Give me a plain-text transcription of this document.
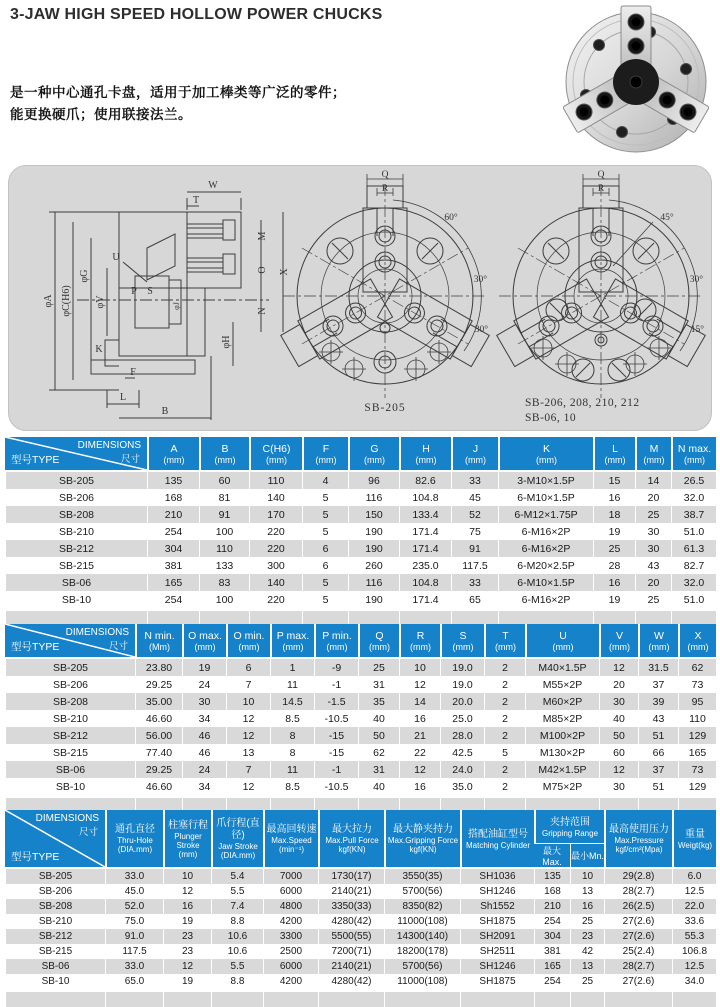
3-JAW HIGH SPEED HOLLOW POWER CHUCKS

是一种中心通孔卡盘，适用于加工棒类等广泛的零件；
能更换硬爪；使用联接法兰。

φA φC(H6)
φG
φV
U
P S
φJ
φH
K
F
L
B
W
T
M
O
N
X
Q
R
60°
30°
30°
Q
R
45°
30°
15°
SB-205	SB-206, 208, 210, 212
SB-06, 10
DIMENSIONS
尺寸
型号TYPE

A
(mm)

B
(mm)

C(H6)
(mm)

F
(mm)

G
(mm)

H
(mm)

J
(mm)

K
(mm)

L
(mm)

M
(mm)

N max.
(mm)

SB-205	135	60	110	4	96	82.6	33	3-M10×1.5P	15	14	26.5
SB-206	168	81	140	5	116	104.8	45	6-M10×1.5P	16	20	32.0
SB-208	210	91	170	5	150	133.4	52	6-M12×1.75P	18	25	38.7
SB-210	254	100	220	5	190	171.4	75	6-M16×2P	19	30	51.0
SB-212	304	110	220	6	190	171.4	91	6-M16×2P	25	30	61.3
SB-215	381	133	300	6	260	235.0	117.5	6-M20×2.5P	28	43	82.7
SB-06	165	83	140	5	116	104.8	33	6-M10×1.5P	16	20	32.0
SB-10	254	100	220	5	190	171.4	65	6-M16×2P	19	25	51.0

DIMENSIONS
尺寸
型号TYPE

N min.
(Mm)

O max.
(mm)

O min.
(mm)

P max.
(mm)

P min.
(mm)

Q
(mm)

R
(mm)

S
(mm)

T
(mm)

U
(mm)

V
(mm)

W
(mm)

X
(mm)

SB-205	23.80	19	6	1	-9	25	10	19.0	2	M40×1.5P	12	31.5	62
SB-206	29.25	24	7	11	-1	31	12	19.0	2	M55×2P	20	37	73
SB-208	35.00	30	10	14.5	-1.5	35	14	20.0	2	M60×2P	30	39	95
SB-210	46.60	34	12	8.5	-10.5	40	16	25.0	2	M85×2P	40	43	110
SB-212	56.00	46	12	8	-15	50	21	28.0	2	M100×2P	50	51	129
SB-215	77.40	46	13	8	-15	62	22	42.5	5	M130×2P	60	66	165
SB-06	29.25	24	7	11	-1	31	12	24.0	2	M42×1.5P	12	37	73
SB-10	46.60	34	12	8.5	-10.5	40	16	35.0	2	M75×2P	30	51	129

DIMENSIONS
尺寸
型号TYPE

通孔直径
Thru-Hole
(DIA.mm)

柱塞行程
Plunger Stroke
(mm)

爪行程(直径)
Jaw Stroke
(DIA.mm)

最高回转速
Max.Speed
(min⁻¹)

最大拉力
Max.Pull Force
kgf(KN)

最大静夹持力
Max.Gripping Force
kgf(KN)

搭配油缸型号
Matching Cylinder

夹持范围
Gripping Range	最高使用压力
Max.Pressure
kgf/cm²(Mpa)

重量
Weigt(kg)

								最大Max.	最小Mn.		
SB-205	33.0	10	5.4	7000	1730(17)	3550(35)	SH1036	135	10	29(2.8)	6.0
SB-206	45.0	12	5.5	6000	2140(21)	5700(56)	SH1246	168	13	28(2.7)	12.5
SB-208	52.0	16	7.4	4800	3350(33)	8350(82)	Sh1552	210	16	26(2.5)	22.0
SB-210	75.0	19	8.8	4200	4280(42)	11000(108)	SH1875	254	25	27(2.6)	33.6
SB-212	91.0	23	10.6	3300	5500(55)	14300(140)	SH2091	304	23	27(2.6)	55.3
SB-215	117.5	23	10.6	2500	7200(71)	18200(178)	SH2511	381	42	25(2.4)	106.8
SB-06	33.0	12	5.5	6000	2140(21)	5700(56)	SH1246	165	13	28(2.7)	12.5
SB-10	65.0	19	8.8	4200	4280(42)	11000(108)	SH1875	254	25	27(2.6)	34.0
